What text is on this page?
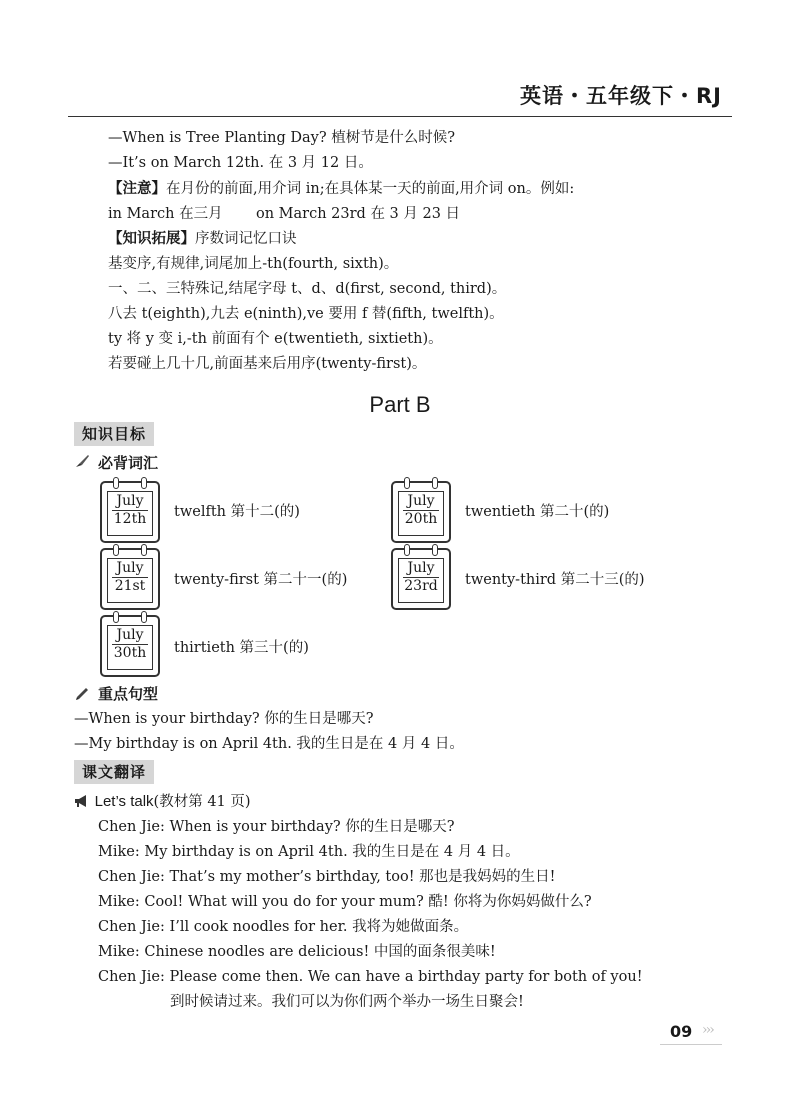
英语・五年级下・RJ
—When is Tree Planting Day? 植树节是什么时候?
—It’s on March 12th. 在 3 月 12 日。
【注意】在月份的前面,用介词 in;在具体某一天的前面,用介词 on。例如:
in March 在三月 on March 23rd 在 3 月 23 日
【知识拓展】序数词记忆口诀
基变序,有规律,词尾加上-th(fourth, sixth)。
一、二、三特殊记,结尾字母 t、d、d(first, second, third)。
八去 t(eighth),九去 e(ninth),ve 要用 f 替(fifth, twelfth)。
ty 将 y 变 i,-th 前面有个 e(twentieth, sixtieth)。
若要碰上几十几,前面基来后用序(twenty-first)。
Part B
知识目标
必背词汇
July
12th	twelfth 第十二(的)
July
20th	twentieth 第二十(的)
July
21st	twenty-first 第二十一(的)
July
23rd	twenty-third 第二十三(的)
July
30th	thirtieth 第三十(的)
重点句型
—When is your birthday? 你的生日是哪天?
—My birthday is on April 4th. 我的生日是在 4 月 4 日。
课文翻译
Let’s talk(教材第 41 页)
Chen Jie: When is your birthday? 你的生日是哪天?
Mike: My birthday is on April 4th. 我的生日是在 4 月 4 日。
Chen Jie: That’s my mother’s birthday, too! 那也是我妈妈的生日!
Mike: Cool! What will you do for your mum? 酷! 你将为你妈妈做什么?
Chen Jie: I’ll cook noodles for her. 我将为她做面条。
Mike: Chinese noodles are delicious! 中国的面条很美味!
Chen Jie: Please come then. We can have a birthday party for both of you!
到时候请过来。我们可以为你们两个举办一场生日聚会!
09 ›››
